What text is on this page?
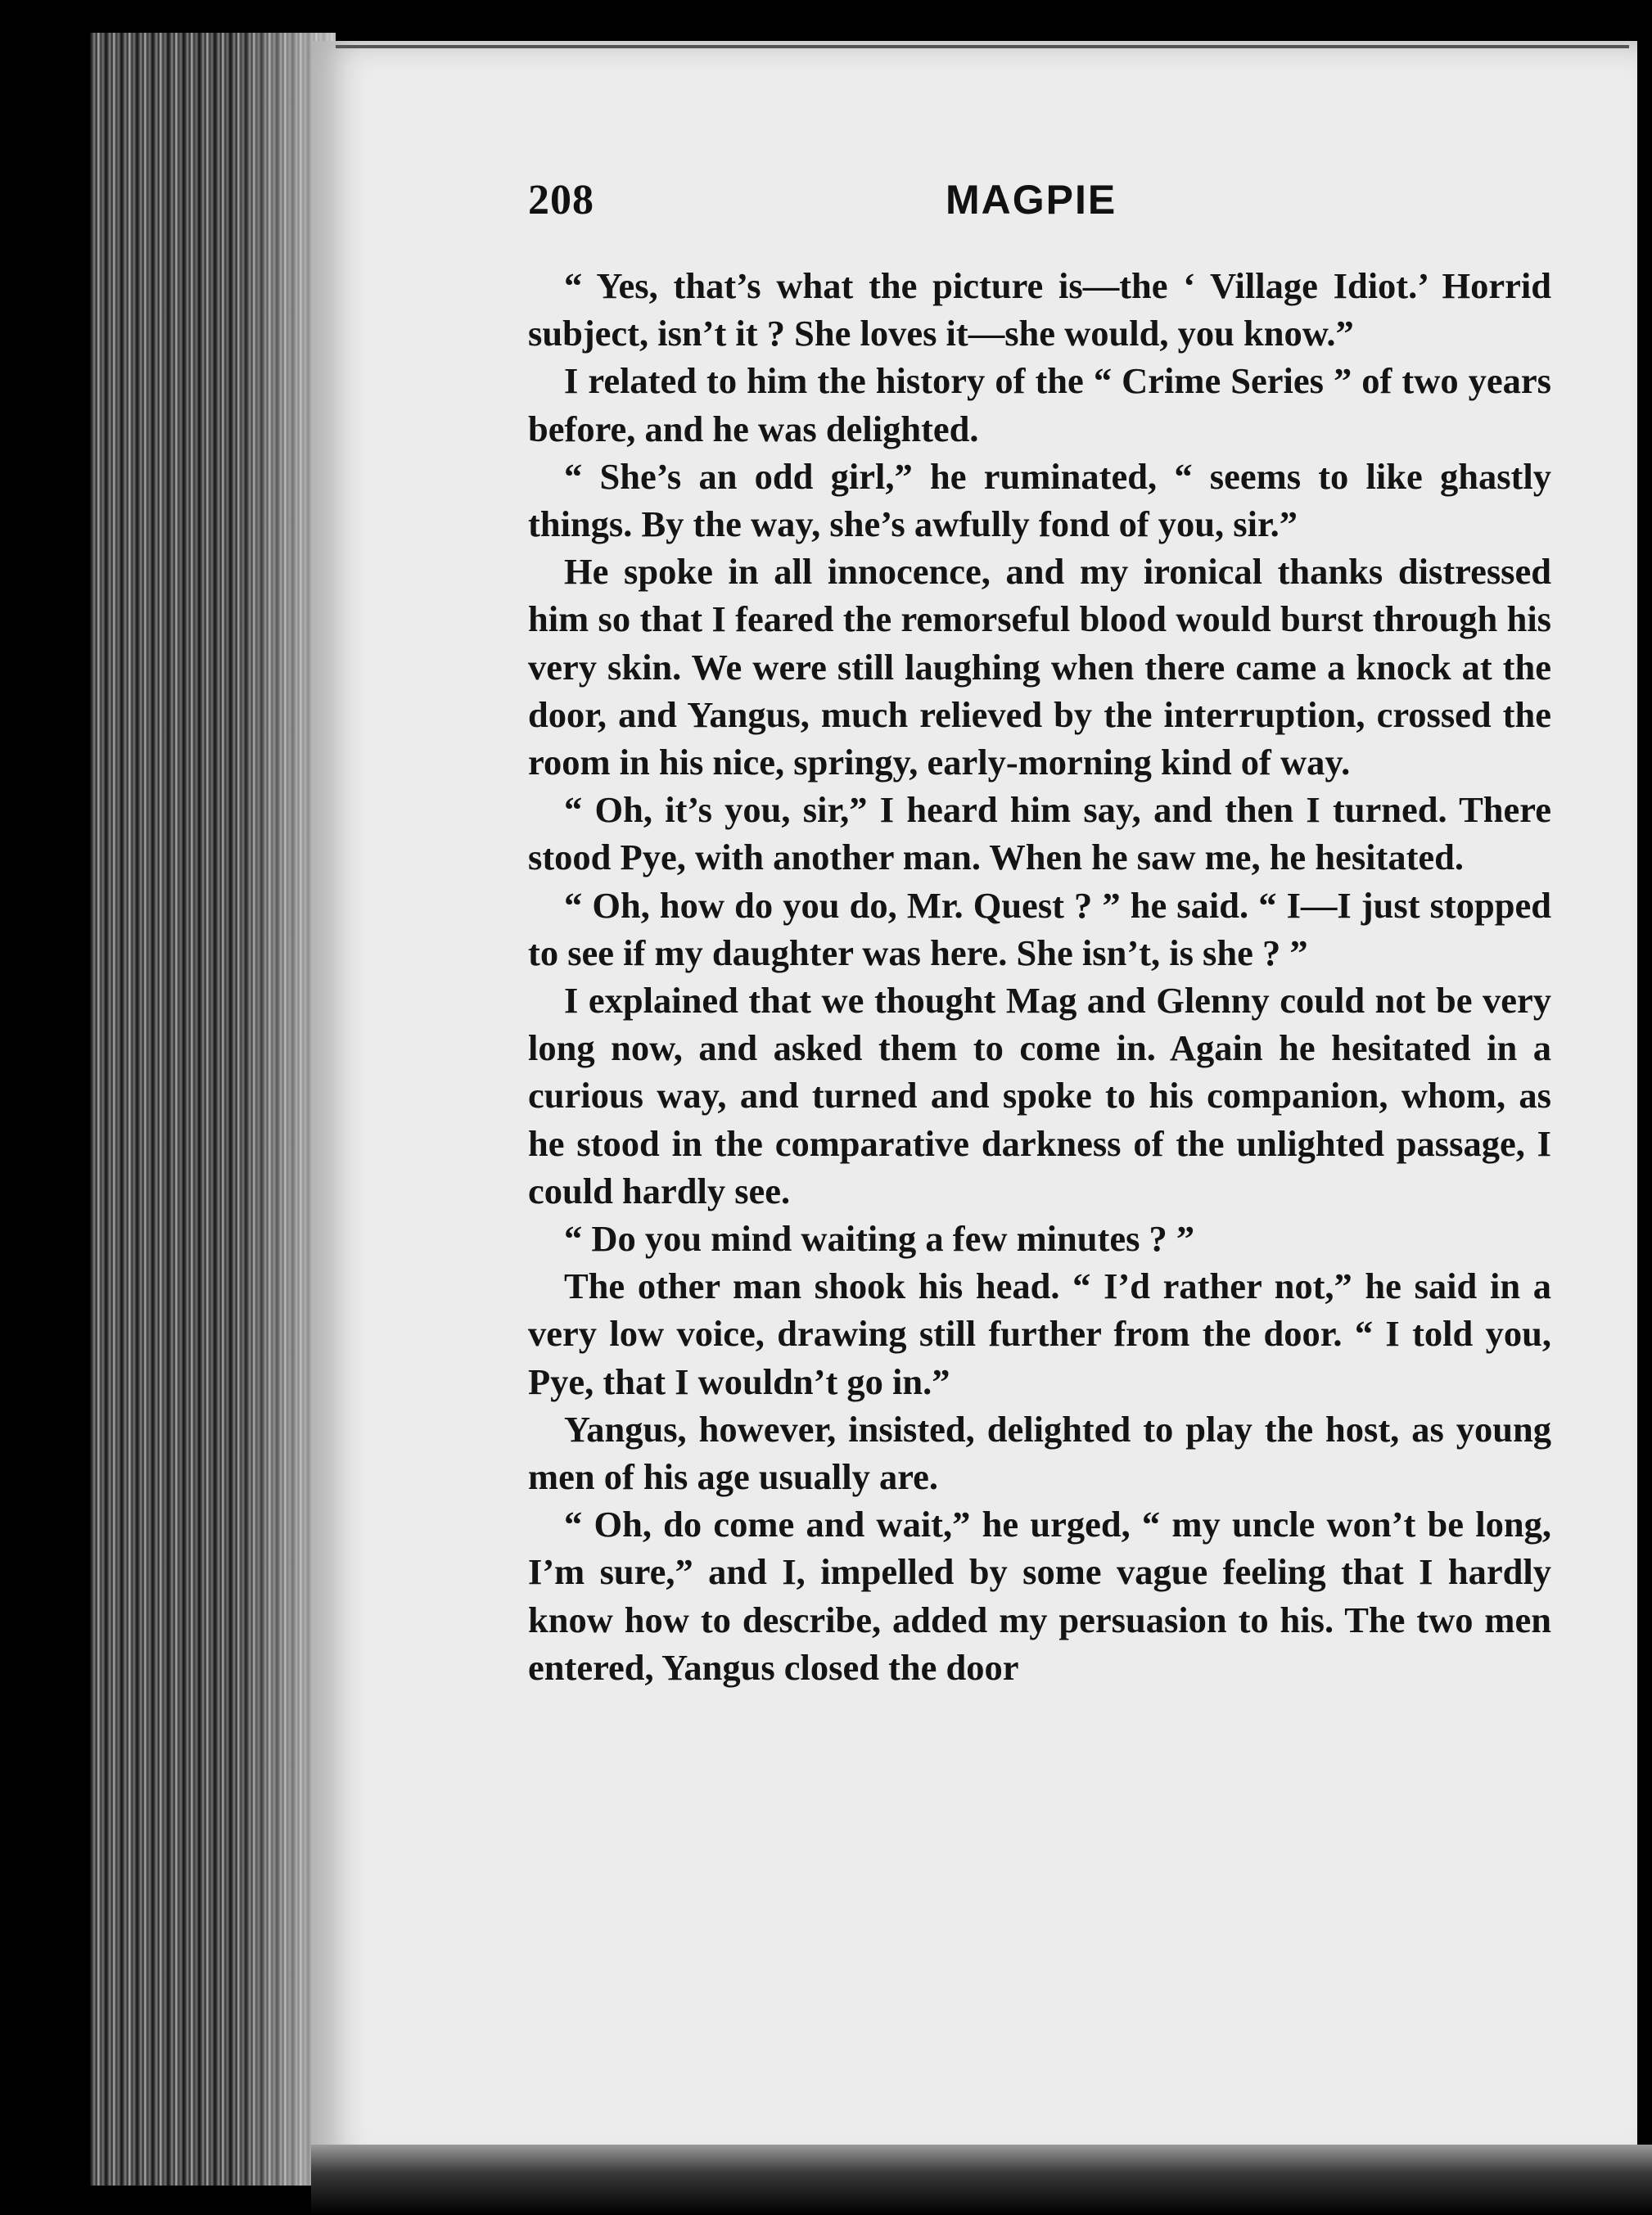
208	MAGPIE

“ Yes, that’s what the picture is—the ‘ Village Idiot.’ Horrid subject, isn’t it ? She loves it—she would, you know.”

I related to him the history of the “ Crime Series ” of two years before, and he was delighted.

“ She’s an odd girl,” he ruminated, “ seems to like ghastly things. By the way, she’s awfully fond of you, sir.”

He spoke in all innocence, and my ironical thanks distressed him so that I feared the remorseful blood would burst through his very skin. We were still laughing when there came a knock at the door, and Yangus, much relieved by the interruption, crossed the room in his nice, springy, early-morning kind of way.

“ Oh, it’s you, sir,” I heard him say, and then I turned. There stood Pye, with another man. When he saw me, he hesitated.

“ Oh, how do you do, Mr. Quest ? ” he said. “ I—I just stopped to see if my daughter was here. She isn’t, is she ? ”

I explained that we thought Mag and Glenny could not be very long now, and asked them to come in. Again he hesitated in a curious way, and turned and spoke to his companion, whom, as he stood in the comparative darkness of the unlighted passage, I could hardly see.

“ Do you mind waiting a few minutes ? ”

The other man shook his head. “ I’d rather not,” he said in a very low voice, drawing still further from the door. “ I told you, Pye, that I wouldn’t go in.”

Yangus, however, insisted, delighted to play the host, as young men of his age usually are.

“ Oh, do come and wait,” he urged, “ my uncle won’t be long, I’m sure,” and I, impelled by some vague feeling that I hardly know how to describe, added my persuasion to his. The two men entered, Yangus closed the door
